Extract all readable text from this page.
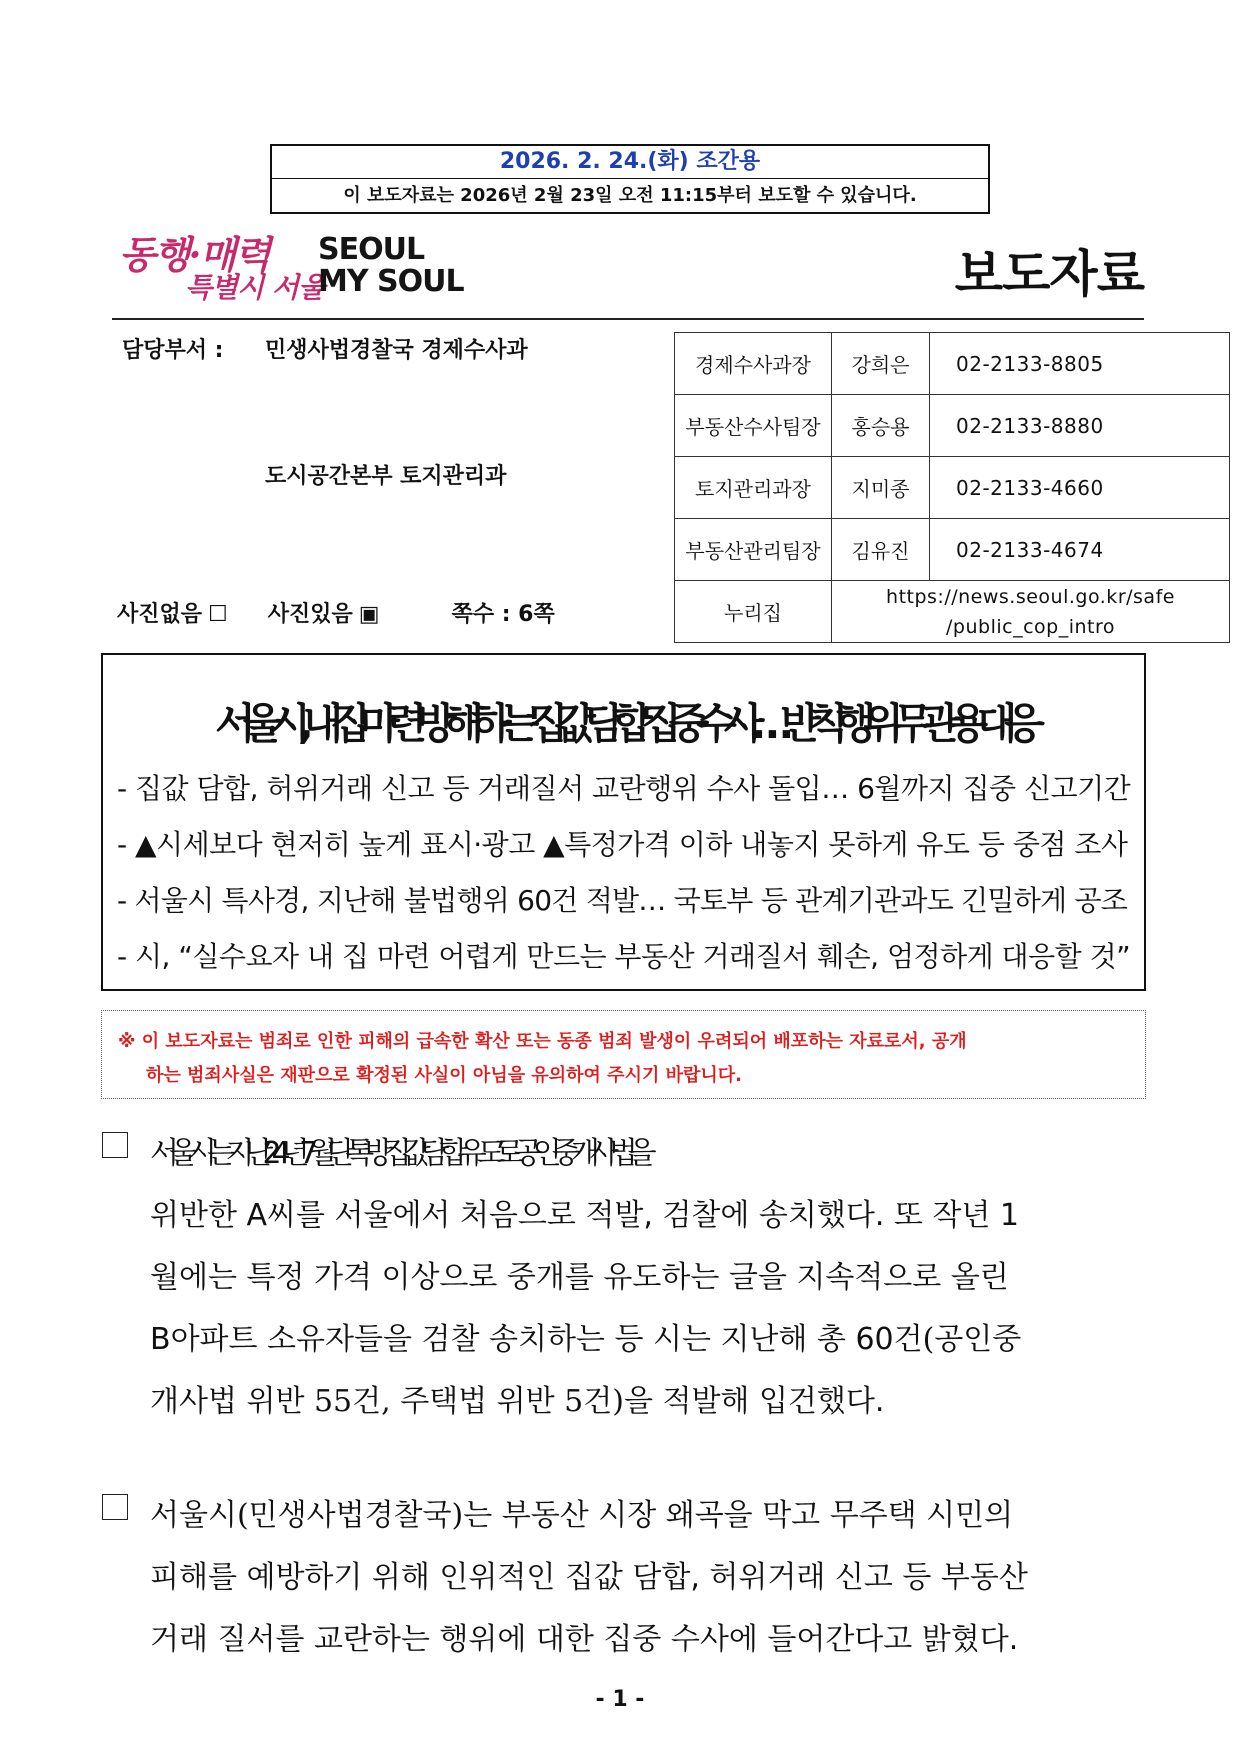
2026. 2. 24.(화) 조간용
이 보도자료는 2026년 2월 23일 오전 11:15부터 보도할 수 있습니다.
동행·매력
특별시 서울
SEOUL
MY SOUL	보도자료
담당부서 : 민생사법경찰국 경제수사과
도시공간본부 토지관리과
사진없음 ☐ 사진있음 ▣	쪽수 : 6쪽
경제수사과장	강희은	02-2133-8805
부동산수사팀장	홍승용	02-2133-8880
토지관리과장	지미종	02-2133-4660
부동산관리팀장	김유진	02-2133-4674
누리집	https://news.seoul.go.kr/safe
/public_cop_intro	
서울시, 내집 마련 방해하는 '집값 담합' 집중수사…반칙행위 무관용 대응
- 집값 담합, 허위거래 신고 등 거래질서 교란행위 수사 돌입… 6월까지 집중 신고기간
- ▲시세보다 현저히 높게 표시·광고 ▲특정가격 이하 내놓지 못하게 유도 등 중점 조사
- 서울시 특사경, 지난해 불법행위 60건 적발… 국토부 등 관계기관과도 긴밀하게 공조
- 시, “실수요자 내 집 마련 어렵게 만드는 부동산 거래질서 훼손, 엄정하게 대응할 것”
※ 이 보도자료는 범죄로 인한 피해의 급속한 확산 또는 동종 범죄 발생이 우려되어 배포하는 자료로서, 공개
하는 범죄사실은 재판으로 확정된 사실이 아님을 유의하여 주시기 바랍니다.
서울시는 지난 ’24년 7월 ‘단톡방 집값 담합 유도’로 공인중개사법을
위반한 A씨를 서울에서 처음으로 적발, 검찰에 송치했다. 또 작년 1
월에는 특정 가격 이상으로 중개를 유도하는 글을 지속적으로 올린
B아파트 소유자들을 검찰 송치하는 등 시는 지난해 총 60건(공인중
개사법 위반 55건, 주택법 위반 5건)을 적발해 입건했다.
서울시(민생사법경찰국)는 부동산 시장 왜곡을 막고 무주택 시민의
피해를 예방하기 위해 인위적인 집값 담합, 허위거래 신고 등 부동산
거래 질서를 교란하는 행위에 대한 집중 수사에 들어간다고 밝혔다.
- 1 -
